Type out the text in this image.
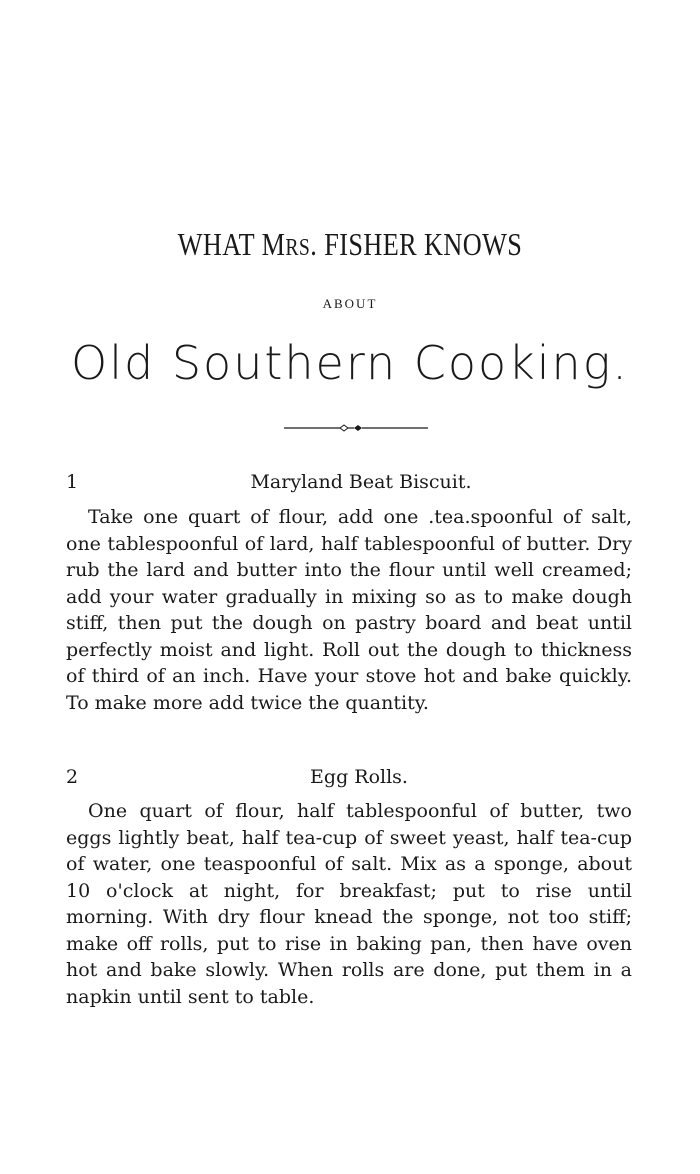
WHAT MRS. FISHER KNOWS
ABOUT
Old Southern Cooking.
1	Maryland Beat Biscuit.
Take one quart of flour, add one .tea.spoonful of salt, one tablespoonful of lard, half tablespoonful of butter. Dry rub the lard and butter into the flour until well creamed; add your water gradually in mixing so as to make dough stiff, then put the dough on pastry board and beat until perfectly moist and light. Roll out the dough to thickness of third of an inch. Have your stove hot and bake quickly. To make more add twice the quantity.
2	Egg Rolls.
One quart of flour, half tablespoonful of butter, two eggs lightly beat, half tea-cup of sweet yeast, half tea-cup of water, one teaspoonful of salt. Mix as a sponge, about 10 o'clock at night, for breakfast; put to rise until morning. With dry flour knead the sponge, not too stiff; make off rolls, put to rise in baking pan, then have oven hot and bake slowly. When rolls are done, put them in a napkin until sent to table.
